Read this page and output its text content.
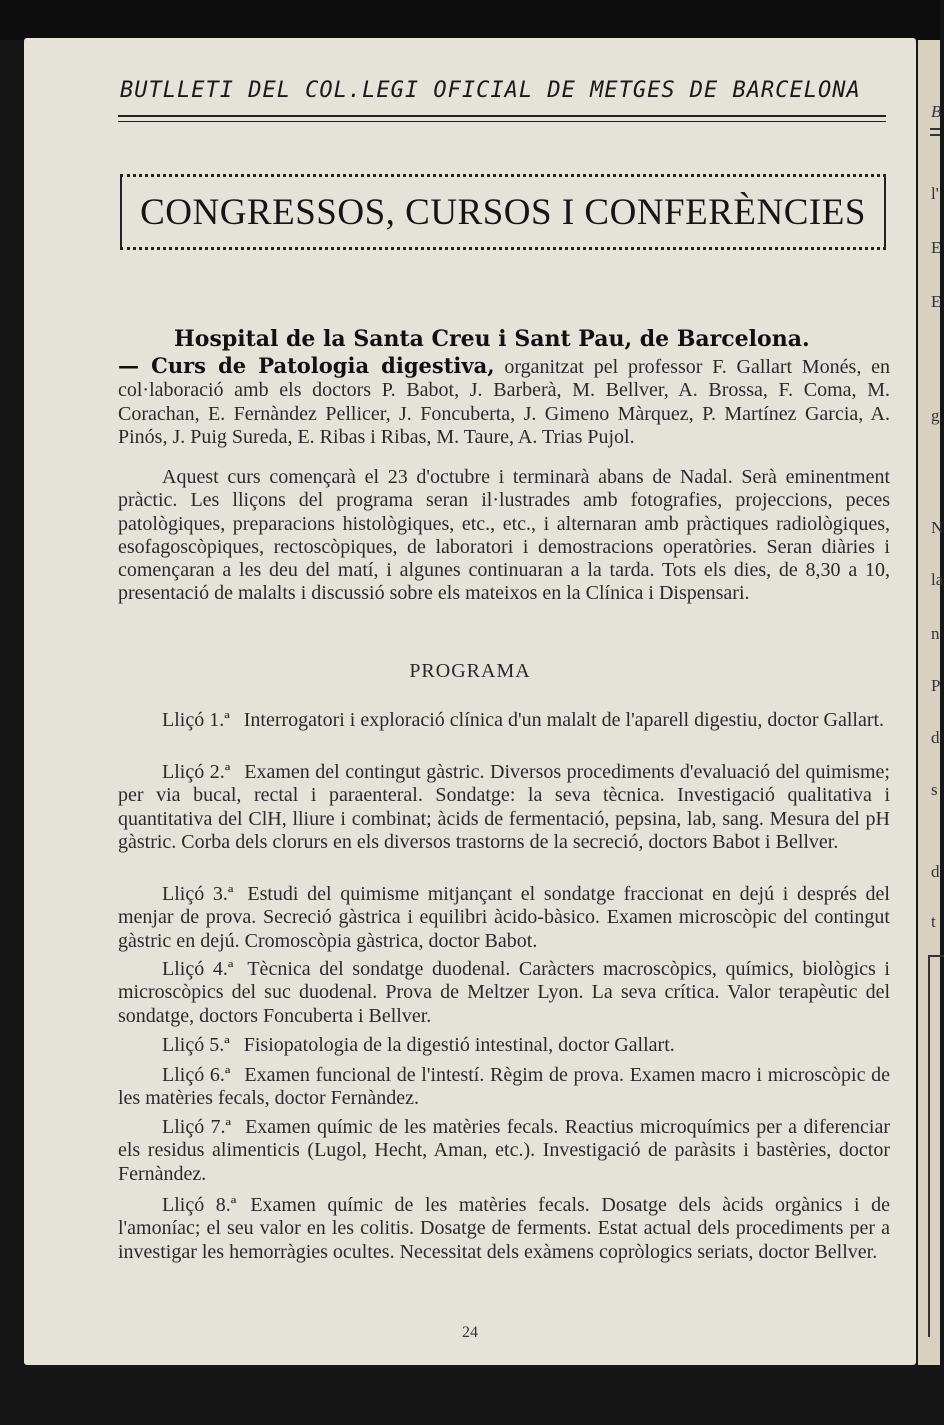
B
l'
E
E
g
N
la
n
P
d
s
d
t
BUTLLETI DEL COL.LEGI OFICIAL DE METGES DE BARCELONA
CONGRESSOS, CURSOS I CONFERÈNCIES
Hospital de la Santa Creu i Sant Pau, de Barcelona.
— Curs de Patologia digestiva, organitzat pel professor F. Gallart Monés, en col·laboració amb els doctors P. Babot, J. Barberà, M. Bellver, A. Brossa, F. Coma, M. Corachan, E. Fernàndez Pellicer, J. Foncuberta, J. Gimeno Màrquez, P. Martínez Garcia, A. Pinós, J. Puig Sureda, E. Ribas i Ribas, M. Taure, A. Trias Pujol.
Aquest curs començarà el 23 d'octubre i terminarà abans de Nadal. Serà eminentment pràctic. Les lliçons del programa seran il·lustrades amb fotografies, projeccions, peces patològiques, preparacions histològiques, etc., etc., i alternaran amb pràctiques radiològiques, esofagoscòpiques, rectoscòpiques, de laboratori i demostracions operatòries. Seran diàries i començaran a les deu del matí, i algunes continuaran a la tarda. Tots els dies, de 8,30 a 10, presentació de malalts i discussió sobre els mateixos en la Clínica i Dispensari.
PROGRAMA
Lliçó 1.ª Interrogatori i exploració clínica d'un malalt de l'aparell digestiu, doctor Gallart.
Lliçó 2.ª Examen del contingut gàstric. Diversos procediments d'evaluació del quimisme; per via bucal, rectal i paraenteral. Sondatge: la seva tècnica. Investigació qualitativa i quantitativa del ClH, lliure i combinat; àcids de fermentació, pepsina, lab, sang. Mesura del pH gàstric. Corba dels clorurs en els diversos trastorns de la secreció, doctors Babot i Bellver.
Lliçó 3.ª Estudi del quimisme mitjançant el sondatge fraccionat en dejú i després del menjar de prova. Secreció gàstrica i equilibri àcido-bàsico. Examen microscòpic del contingut gàstric en dejú. Cromoscòpia gàstrica, doctor Babot.
Lliçó 4.ª Tècnica del sondatge duodenal. Caràcters macroscòpics, químics, biològics i microscòpics del suc duodenal. Prova de Meltzer Lyon. La seva crítica. Valor terapèutic del sondatge, doctors Foncuberta i Bellver.
Lliçó 5.ª Fisiopatologia de la digestió intestinal, doctor Gallart.
Lliçó 6.ª Examen funcional de l'intestí. Règim de prova. Examen macro i microscòpic de les matèries fecals, doctor Fernàndez.
Lliçó 7.ª Examen químic de les matèries fecals. Reactius microquímics per a diferenciar els residus alimenticis (Lugol, Hecht, Aman, etc.). Investigació de paràsits i bastèries, doctor Fernàndez.
Lliçó 8.ª Examen químic de les matèries fecals. Dosatge dels àcids orgànics i de l'amoníac; el seu valor en les colitis. Dosatge de ferments. Estat actual dels procediments per a investigar les hemorràgies ocultes. Necessitat dels exàmens copròlogics seriats, doctor Bellver.
24
